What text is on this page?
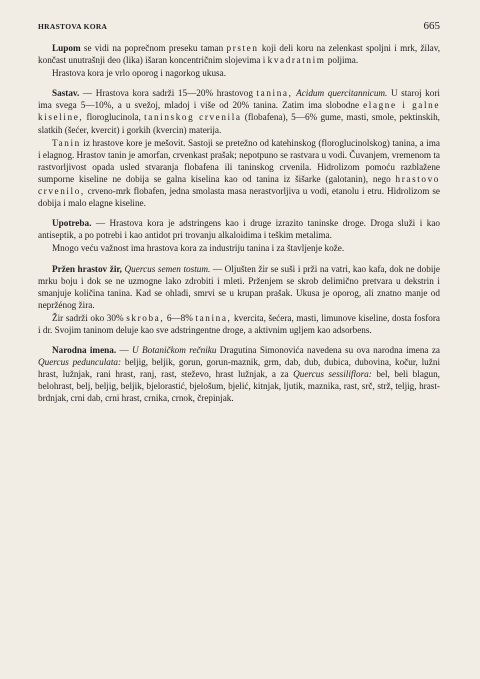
HRASTOVA KORA	665

Lupom se vidi na poprečnom preseku taman prsten koji deli koru na zelenkast spoljni i mrk, žilav, končast unutrašnji deo (lika) išaran koncentričnim slojevima i kvadratnim poljima.

Hrastova kora je vrlo oporog i nagorkog ukusa.

Sastav. — Hrastova kora sadrži 15—20% hrastovog tanina, Acidum quercitannicum. U staroj kori ima svega 5—10%, a u svežoj, mladoj i više od 20% tanina. Zatim ima slobodne elagne i galne kiseline, floroglucinola, taninskog crvenila (flobafena), 5—6% gume, masti, smole, pektinskih, slatkih (šećer, kvercit) i gorkih (kvercin) materija.

Tanin iz hrastove kore je mešovit. Sastoji se pretežno od katehinskog (floroglucinolskog) tanina, a ima i elagnog. Hrastov tanin je amorfan, crvenkast prašak; nepotpuno se rastvara u vodi. Čuvanjem, vremenom ta rastvorljivost opada usled stvaranja flobafena ili taninskog crvenila. Hidrolizom pomoću razblažene sumporne kiseline ne dobija se galna kiselina kao od tanina iz šišarke (galotanin), nego hrastovo crvenilo, crveno-mrk flobafen, jedna smolasta masa nerastvorljiva u vodi, etanolu i etru. Hidrolizom se dobija i malo elagne kiseline.

Upotreba. — Hrastova kora je adstringens kao i druge izrazito taninske droge. Droga služi i kao antiseptik, a po potrebi i kao antidot pri trovanju alkaloidima i teškim metalima.

Mnogo veću važnost ima hrastova kora za industriju tanina i za štavljenje kože.

Pržen hrastov žir, Quercus semen tostum. — Oljušten žir se suši i prži na vatri, kao kafa, dok ne dobije mrku boju i dok se ne uzmogne lako zdrobiti i mleti. Prženjem se skrob delimično pretvara u dekstrin i smanjuje količina tanina. Kad se ohladi, smrvi se u krupan prašak. Ukusa je oporog, ali znatno manje od nepržénog žira.

Žir sadrži oko 30% skroba, 6—8% tanina, kvercita, šećera, masti, limunove kiseline, dosta fosfora i dr. Svojim taninom deluje kao sve adstringentne droge, a aktivnim ugljem kao adsorbens.

Narodna imena. — U Botaničkom rečniku Dragutina Simonovića navedena su ova narodna imena za Quercus pedunculata: beljig, beljik, gorun, gorun-maznik, grm, dab, dub, dubica, dubovina, kočur, lužni hrast, lužnjak, rani hrast, ranj, rast, steževo, hrast lužnjak, a za Quercus sessiliflora: bel, beli blagun, belohrast, belj, beljig, beljik, bjelorastić, bjelošum, bjelić, kitnjak, ljutik, maznika, rast, srč, strž, teljig, hrast-brdnjak, crni dab, crni hrast, crnika, crnok, črepinjak.
